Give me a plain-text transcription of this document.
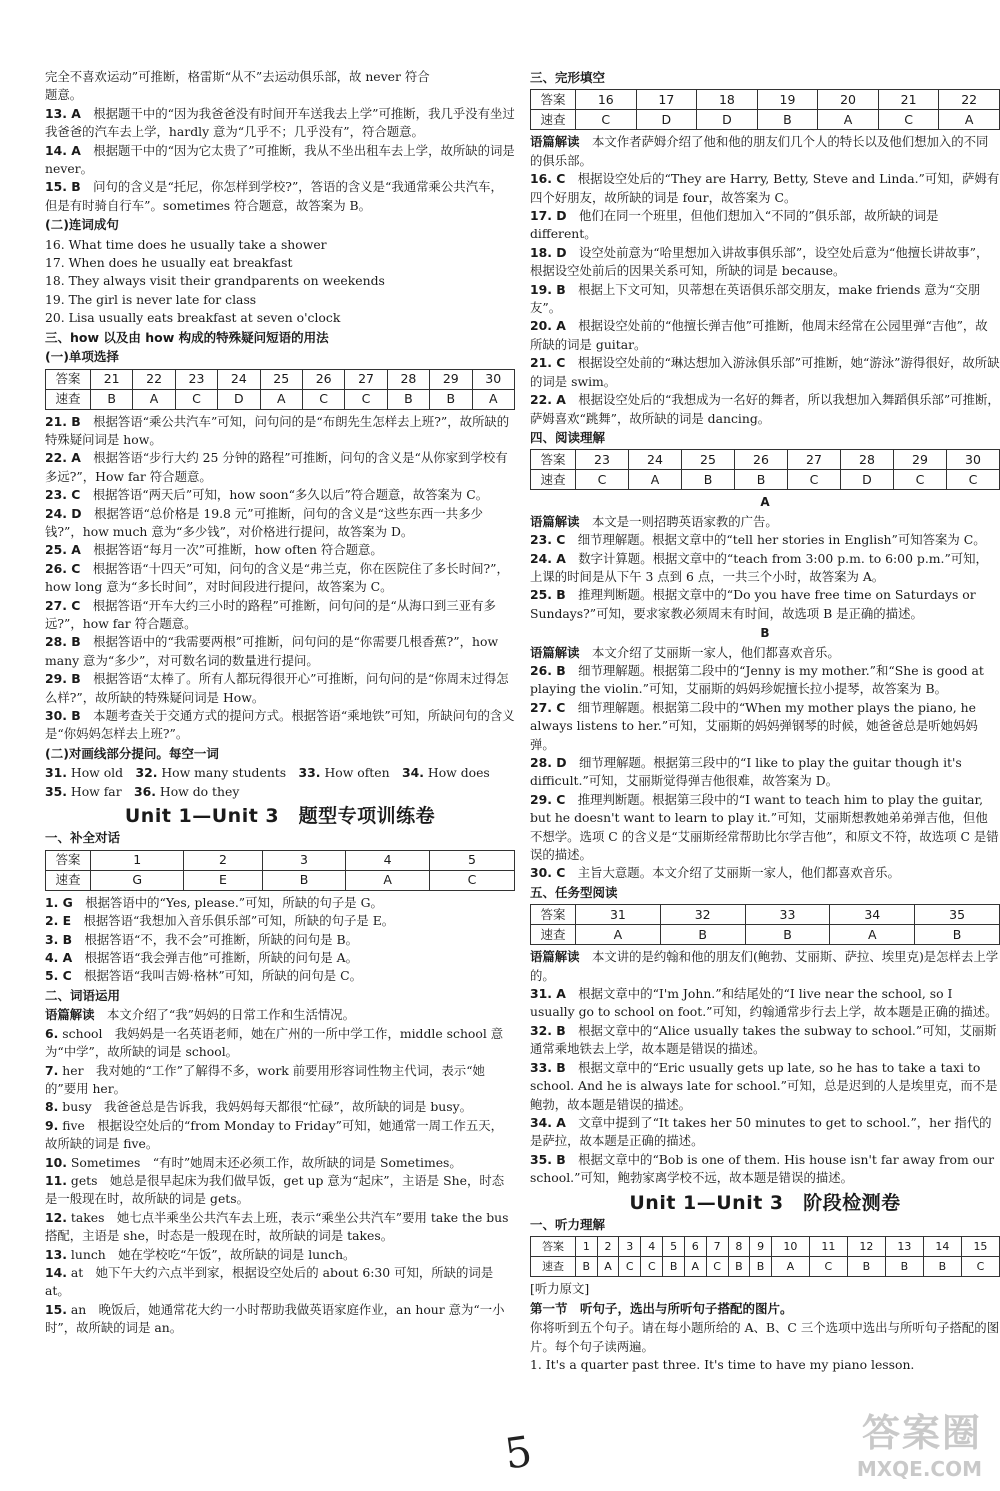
完全不喜欢运动”可推断，格雷斯“从不”去运动俱乐部，故 never 符合
题意。

13. A　 根据题干中的“因为我爸爸没有时间开车送我去上学”可推断，我几乎没有坐过我爸爸的汽车去上学，hardly 意为“几乎不；几乎没有”，符合题意。

14. A　 根据题干中的“因为它太贵了”可推断，我从不坐出租车去上学，故所缺的词是 never。

15. B　 问句的含义是“托尼，你怎样到学校?”，答语的含义是“我通常乘公共汽车，但是有时骑自行车”。sometimes 符合题意，故答案为 B。

(二)连词成句

16. What time does he usually take a shower

17. When does he usually eat breakfast

18. They always visit their grandparents on weekends

19. The girl is never late for class

20. Lisa usually eats breakfast at seven o'clock

三、how 以及由 how 构成的特殊疑问短语的用法
(一)单项选择
答案	21	22	23	24	25	26	27	28	29	30
速查	B	A	C	D	A	C	C	B	B	A

21. B　 根据答语“乘公共汽车”可知，问句问的是“布朗先生怎样去上班?”，故所缺的特殊疑问词是 how。

22. A　 根据答语“步行大约 25 分钟的路程”可推断，问句的含义是“从你家到学校有多远?”，How far 符合题意。

23. C　 根据答语“两天后”可知，how soon“多久以后”符合题意，故答案为 C。

24. D　 根据答语“总价格是 19.8 元”可推断，问句的含义是“这些东西一共多少钱?”，how much 意为“多少钱”，对价格进行提问，故答案为 D。

25. A　 根据答语“每月一次”可推断，how often 符合题意。

26. C　 根据答语“十四天”可知，问句的含义是“弗兰克，你在医院住了多长时间?”，how long 意为“多长时间”，对时间段进行提问，故答案为 C。

27. C　 根据答语“开车大约三小时的路程”可推断，问句问的是“从海口到三亚有多远?”，how far 符合题意。

28. B　 根据答语中的“我需要两根”可推断，问句问的是“你需要几根香蕉?”，how many 意为“多少”，对可数名词的数量进行提问。

29. B　 根据答语“太棒了。所有人都玩得很开心”可推断，问句问的是“你周末过得怎么样?”，故所缺的特殊疑问词是 How。

30. B　 本题考查关于交通方式的提问方式。根据答语“乘地铁”可知，所缺问句的含义是“你妈妈怎样去上班?”。

(二)对画线部分提问。每空一词

31. How old　 32. How many students　 33. How often　 34. How does

35. How far　 36. How do they

Unit 1—Unit 3　题型专项训练卷
一、补全对话
答案	1	2	3	4	5
速查	G	E	B	A	C

1. G　 根据答语中的“Yes, please.”可知，所缺的句子是 G。

2. E　 根据答语“我想加入音乐俱乐部”可知，所缺的句子是 E。

3. B　 根据答语“不，我不会”可推断，所缺的问句是 B。

4. A　 根据答语“我会弹吉他”可推断，所缺的问句是 A。

5. C　 根据答语“我叫吉姆·格林”可知，所缺的问句是 C。

二、词语运用

语篇解读　 本文介绍了“我”妈妈的日常工作和生活情况。

6. school　 我妈妈是一名英语老师，她在广州的一所中学工作，middle school 意为“中学”，故所缺的词是 school。

7. her　 我对她的“工作”了解得不多，work 前要用形容词性物主代词，表示“她的”要用 her。

8. busy　 我爸爸总是告诉我，我妈妈每天都很“忙碌”，故所缺的词是 busy。

9. five　 根据设空处后的“from Monday to Friday”可知，她通常一周工作五天，故所缺的词是 five。

10. Sometimes　 “有时”她周末还必须工作，故所缺的词是 Sometimes。

11. gets　 她总是很早起床为我们做早饭，get up 意为“起床”，主语是 She，时态是一般现在时，故所缺的词是 gets。

12. takes　 她七点半乘坐公共汽车去上班，表示“乘坐公共汽车”要用 take the bus 搭配，主语是 she，时态是一般现在时，故所缺的词是 takes。

13. lunch　 她在学校吃“午饭”，故所缺的词是 lunch。

14. at　 她下午大约六点半到家，根据设空处后的 about 6:30 可知，所缺的词是 at。

15. an　 晚饭后，她通常花大约一小时帮助我做英语家庭作业，an hour 意为“一小时”，故所缺的词是 an。

三、完形填空
答案	16	17	18	19	20	21	22
速查	C	D	D	B	A	C	A

语篇解读　 本文作者萨姆介绍了他和他的朋友们几个人的特长以及他们想加入的不同的俱乐部。

16. C　 根据设空处后的“They are Harry, Betty, Steve and Linda.”可知，萨姆有四个好朋友，故所缺的词是 four，故答案为 C。

17. D　 他们在同一个班里，但他们想加入“不同的”俱乐部，故所缺的词是 different。

18. D　 设空处前意为“哈里想加入讲故事俱乐部”，设空处后意为“他擅长讲故事”，根据设空处前后的因果关系可知，所缺的词是 because。

19. B　 根据上下文可知，贝蒂想在英语俱乐部交朋友，make friends 意为“交朋友”。

20. A　 根据设空处前的“他擅长弹吉他”可推断，他周末经常在公园里弹“吉他”，故所缺的词是 guitar。

21. C　 根据设空处前的“琳达想加入游泳俱乐部”可推断，她“游泳”游得很好，故所缺的词是 swim。

22. A　 根据设空处后的“我想成为一名好的舞者，所以我想加入舞蹈俱乐部”可推断，萨姆喜欢“跳舞”，故所缺的词是 dancing。

四、阅读理解
答案	23	24	25	26	27	28	29	30
速查	C	A	B	B	C	D	C	C
A

语篇解读　 本文是一则招聘英语家教的广告。

23. C　 细节理解题。根据文章中的“tell her stories in English”可知答案为 C。

24. A　 数字计算题。根据文章中的“teach from 3:00 p.m. to 6:00 p.m.”可知，上课的时间是从下午 3 点到 6 点，一共三个小时，故答案为 A。

25. B　 推理判断题。根据文章中的“Do you have free time on Saturdays or Sundays?”可知，要求家教必须周末有时间，故选项 B 是正确的描述。

B

语篇解读　 本文介绍了艾丽斯一家人，他们都喜欢音乐。

26. B　 细节理解题。根据第二段中的“Jenny is my mother.”和“She is good at playing the violin.”可知，艾丽斯的妈妈珍妮擅长拉小提琴，故答案为 B。

27. C　 细节理解题。根据第二段中的“When my mother plays the piano, he always listens to her.”可知，艾丽斯的妈妈弹钢琴的时候，她爸爸总是听她妈妈弹。

28. D　 细节理解题。根据第三段中的“I like to play the guitar though it's difficult.”可知，艾丽斯觉得弹吉他很难，故答案为 D。

29. C　 推理判断题。根据第三段中的“I want to teach him to play the guitar, but he doesn't want to learn to play it.”可知，艾丽斯想教她弟弟弹吉他，但他不想学。选项 C 的含义是“艾丽斯经常帮助比尔学吉他”，和原文不符，故选项 C 是错误的描述。

30. C　 主旨大意题。本文介绍了艾丽斯一家人，他们都喜欢音乐。

五、任务型阅读
答案	31	32	33	34	35
速查	A	B	B	A	B

语篇解读　 本文讲的是约翰和他的朋友们(鲍勃、艾丽斯、萨拉、埃里克)是怎样去上学的。

31. A　 根据文章中的“I'm John.”和结尾处的“I live near the school, so I usually go to school on foot.”可知，约翰通常步行去上学，故本题是正确的描述。

32. B　 根据文章中的“Alice usually takes the subway to school.”可知，艾丽斯通常乘地铁去上学，故本题是错误的描述。

33. B　 根据文章中的“Eric usually gets up late, so he has to take a taxi to school. And he is always late for school.”可知，总是迟到的人是埃里克，而不是鲍勃，故本题是错误的描述。

34. A　 文章中提到了“It takes her 50 minutes to get to school.”，her 指代的是萨拉，故本题是正确的描述。

35. B　 根据文章中的“Bob is one of them. His house isn't far away from our school.”可知，鲍勃家离学校不远，故本题是错误的描述。

Unit 1—Unit 3　阶段检测卷
一、听力理解
答案	1	2	3	4	5	6	7	8	9	10	11	12	13	14	15
速查	B	A	C	C	B	A	C	B	B	A	C	B	B	B	C

[听力原文]

第一节　听句子，选出与所听句子搭配的图片。

你将听到五个句子。请在每小题所给的 A、B、C 三个选项中选出与所听句子搭配的图片。每个句子读两遍。

1. It's a quarter past three. It's time to have my piano lesson.

5	答案圈
MXQE.COM
